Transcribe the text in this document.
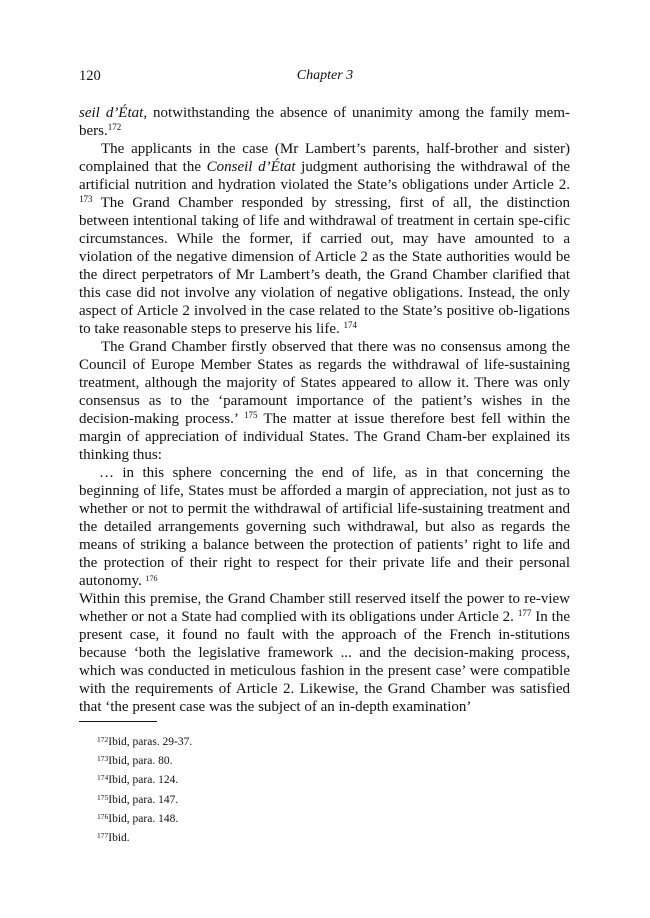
120	Chapter 3

seil d’État, notwithstanding the absence of unanimity among the family mem-bers.$^{172}$

The applicants in the case (Mr Lambert’s parents, half-brother and sister) complained that the Conseil d’État judgment authorising the withdrawal of the artificial nutrition and hydration violated the State’s obligations under Article 2. $^{173}$ The Grand Chamber responded by stressing, first of all, the distinction between intentional taking of life and withdrawal of treatment in certain spe-cific circumstances. While the former, if carried out, may have amounted to a violation of the negative dimension of Article 2 as the State authorities would be the direct perpetrators of Mr Lambert’s death, the Grand Chamber clarified that this case did not involve any violation of negative obligations. Instead, the only aspect of Article 2 involved in the case related to the State’s positive ob-ligations to take reasonable steps to preserve his life. $^{174}$

The Grand Chamber firstly observed that there was no consensus among the Council of Europe Member States as regards the withdrawal of life-sustaining treatment, although the majority of States appeared to allow it. There was only consensus as to the ‘paramount importance of the patient’s wishes in the decision-making process.’ $^{175}$ The matter at issue therefore best fell within the margin of appreciation of individual States. The Grand Cham-ber explained its thinking thus:

… in this sphere concerning the end of life, as in that concerning the beginning of life, States must be afforded a margin of appreciation, not just as to whether or not to permit the withdrawal of artificial life-sustaining treatment and the detailed arrangements governing such withdrawal, but also as regards the means of striking a balance between the protection of patients’ right to life and the protection of their right to respect for their private life and their personal autonomy. $^{176}$

Within this premise, the Grand Chamber still reserved itself the power to re-view whether or not a State had complied with its obligations under Article 2. $^{177}$ In the present case, it found no fault with the approach of the French in-stitutions because ‘both the legislative framework ... and the decision-making process, which was conducted in meticulous fashion in the present case’ were compatible with the requirements of Article 2. Likewise, the Grand Chamber was satisfied that ‘the present case was the subject of an in-depth examination’

$^{172}$Ibid, paras. 29-37.
$^{173}$Ibid, para. 80.
$^{174}$Ibid, para. 124.
$^{175}$Ibid, para. 147.
$^{176}$Ibid, para. 148.
$^{177}$Ibid.
